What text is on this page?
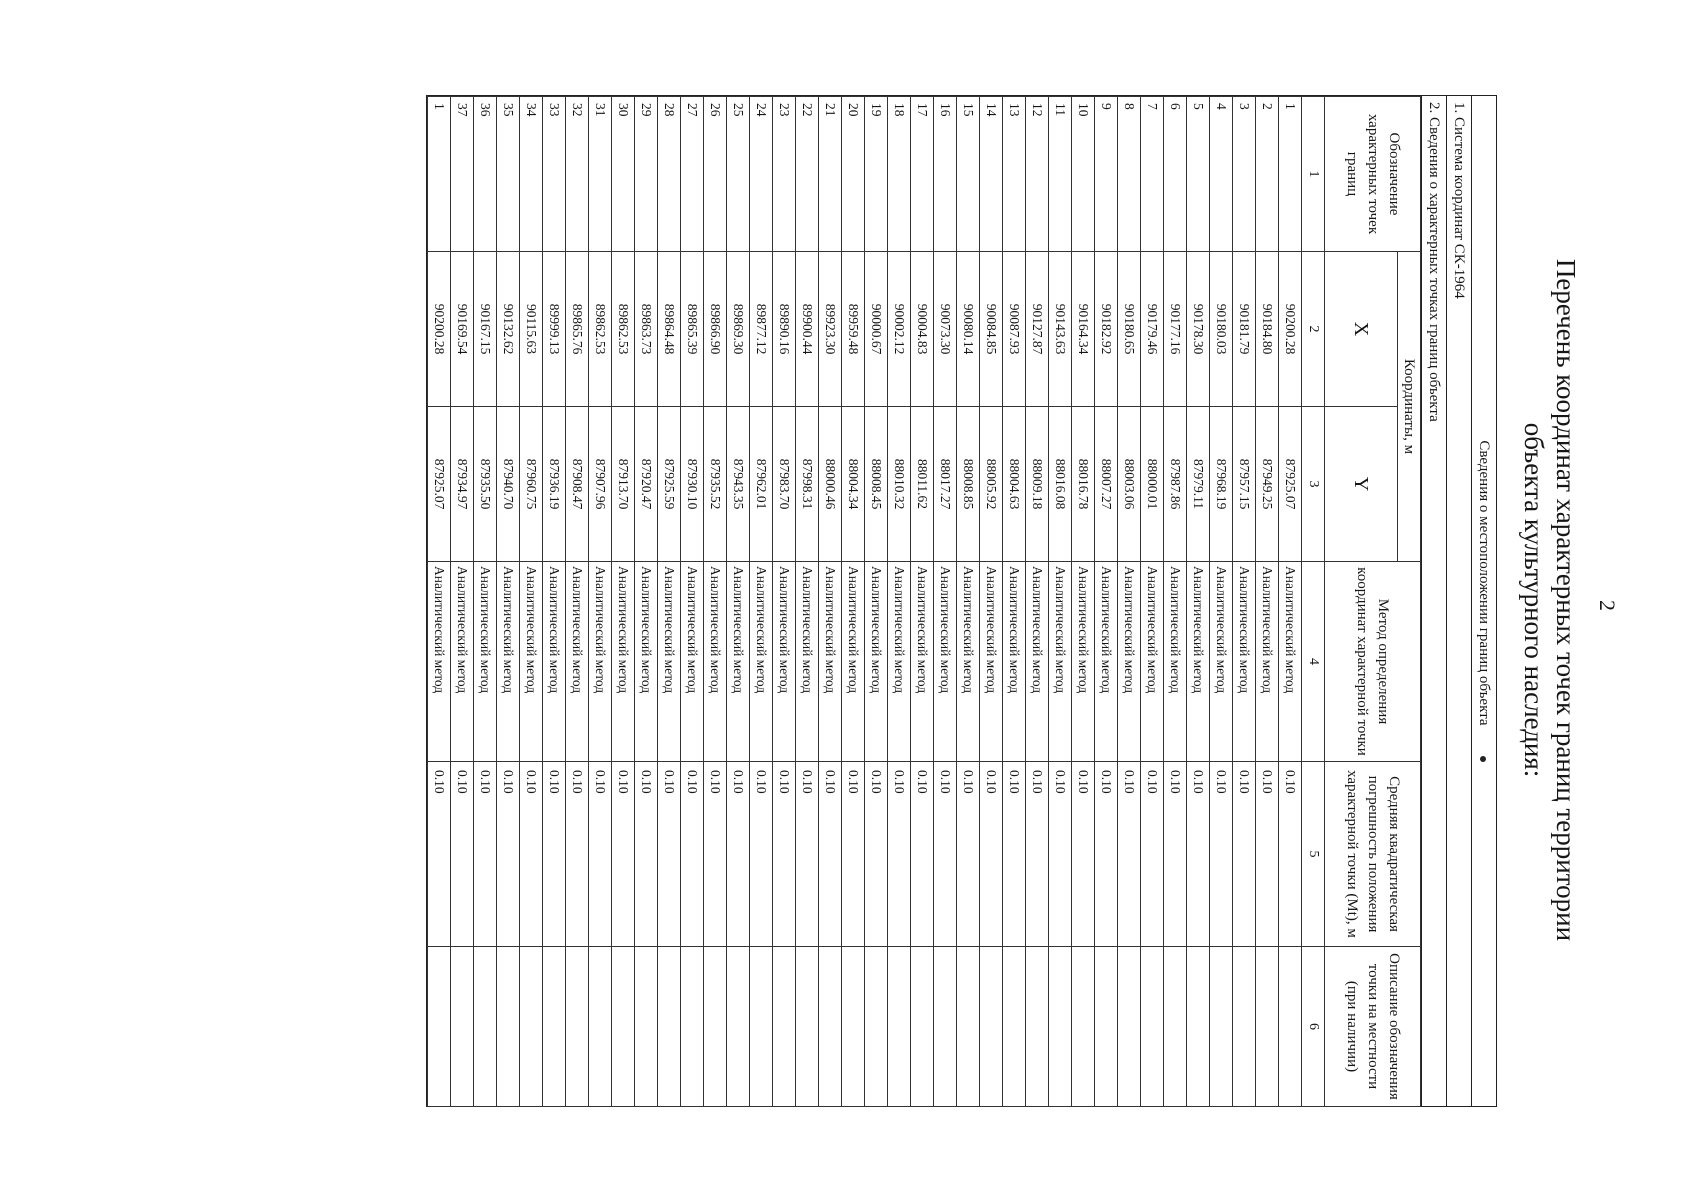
2
Перечень координат характерных точек границ территории
объекта культурного наследия:
Сведения о местоположении границ объекта
1. Система координат СК-1964
2. Сведения о характерных точках границ объекта
Обозначение характерных точек границ	Координаты, м		Метод определения координат характерной точки	Средняя квадратическая погрешность положения характерной точки (Mt), м	Описание обозначения точки на местности (при наличии)
	X	Y			
1	2	3	4	5	6
1	90200.28	87925.07	Аналитический метод	0.10	
2	90184.80	87949.25	Аналитический метод	0.10	
3	90181.79	87957.15	Аналитический метод	0.10	
4	90180.03	87968.19	Аналитический метод	0.10	
5	90178.30	87979.11	Аналитический метод	0.10	
6	90177.16	87987.86	Аналитический метод	0.10	
7	90179.46	88000.01	Аналитический метод	0.10	
8	90180.65	88003.06	Аналитический метод	0.10	
9	90182.92	88007.27	Аналитический метод	0.10	
10	90164.34	88016.78	Аналитический метод	0.10	
11	90143.63	88016.08	Аналитический метод	0.10	
12	90127.87	88009.18	Аналитический метод	0.10	
13	90087.93	88004.63	Аналитический метод	0.10	
14	90084.85	88005.92	Аналитический метод	0.10	
15	90080.14	88008.85	Аналитический метод	0.10	
16	90073.30	88017.27	Аналитический метод	0.10	
17	90004.83	88011.62	Аналитический метод	0.10	
18	90002.12	88010.32	Аналитический метод	0.10	
19	90000.67	88008.45	Аналитический метод	0.10	
20	89959.48	88004.34	Аналитический метод	0.10	
21	89923.30	88000.46	Аналитический метод	0.10	
22	89900.44	87998.31	Аналитический метод	0.10	
23	89890.16	87983.70	Аналитический метод	0.10	
24	89877.12	87962.01	Аналитический метод	0.10	
25	89869.30	87943.35	Аналитический метод	0.10	
26	89866.90	87935.52	Аналитический метод	0.10	
27	89865.39	87930.10	Аналитический метод	0.10	
28	89864.48	87925.59	Аналитический метод	0.10	
29	89863.73	87920.47	Аналитический метод	0.10	
30	89862.53	87913.70	Аналитический метод	0.10	
31	89862.53	87907.96	Аналитический метод	0.10	
32	89865.76	87908.47	Аналитический метод	0.10	
33	89999.13	87936.19	Аналитический метод	0.10	
34	90115.63	87960.75	Аналитический метод	0.10	
35	90132.62	87940.70	Аналитический метод	0.10	
36	90167.15	87935.50	Аналитический метод	0.10	
37	90169.54	87934.97	Аналитический метод	0.10	
1	90200.28	87925.07	Аналитический метод	0.10	
